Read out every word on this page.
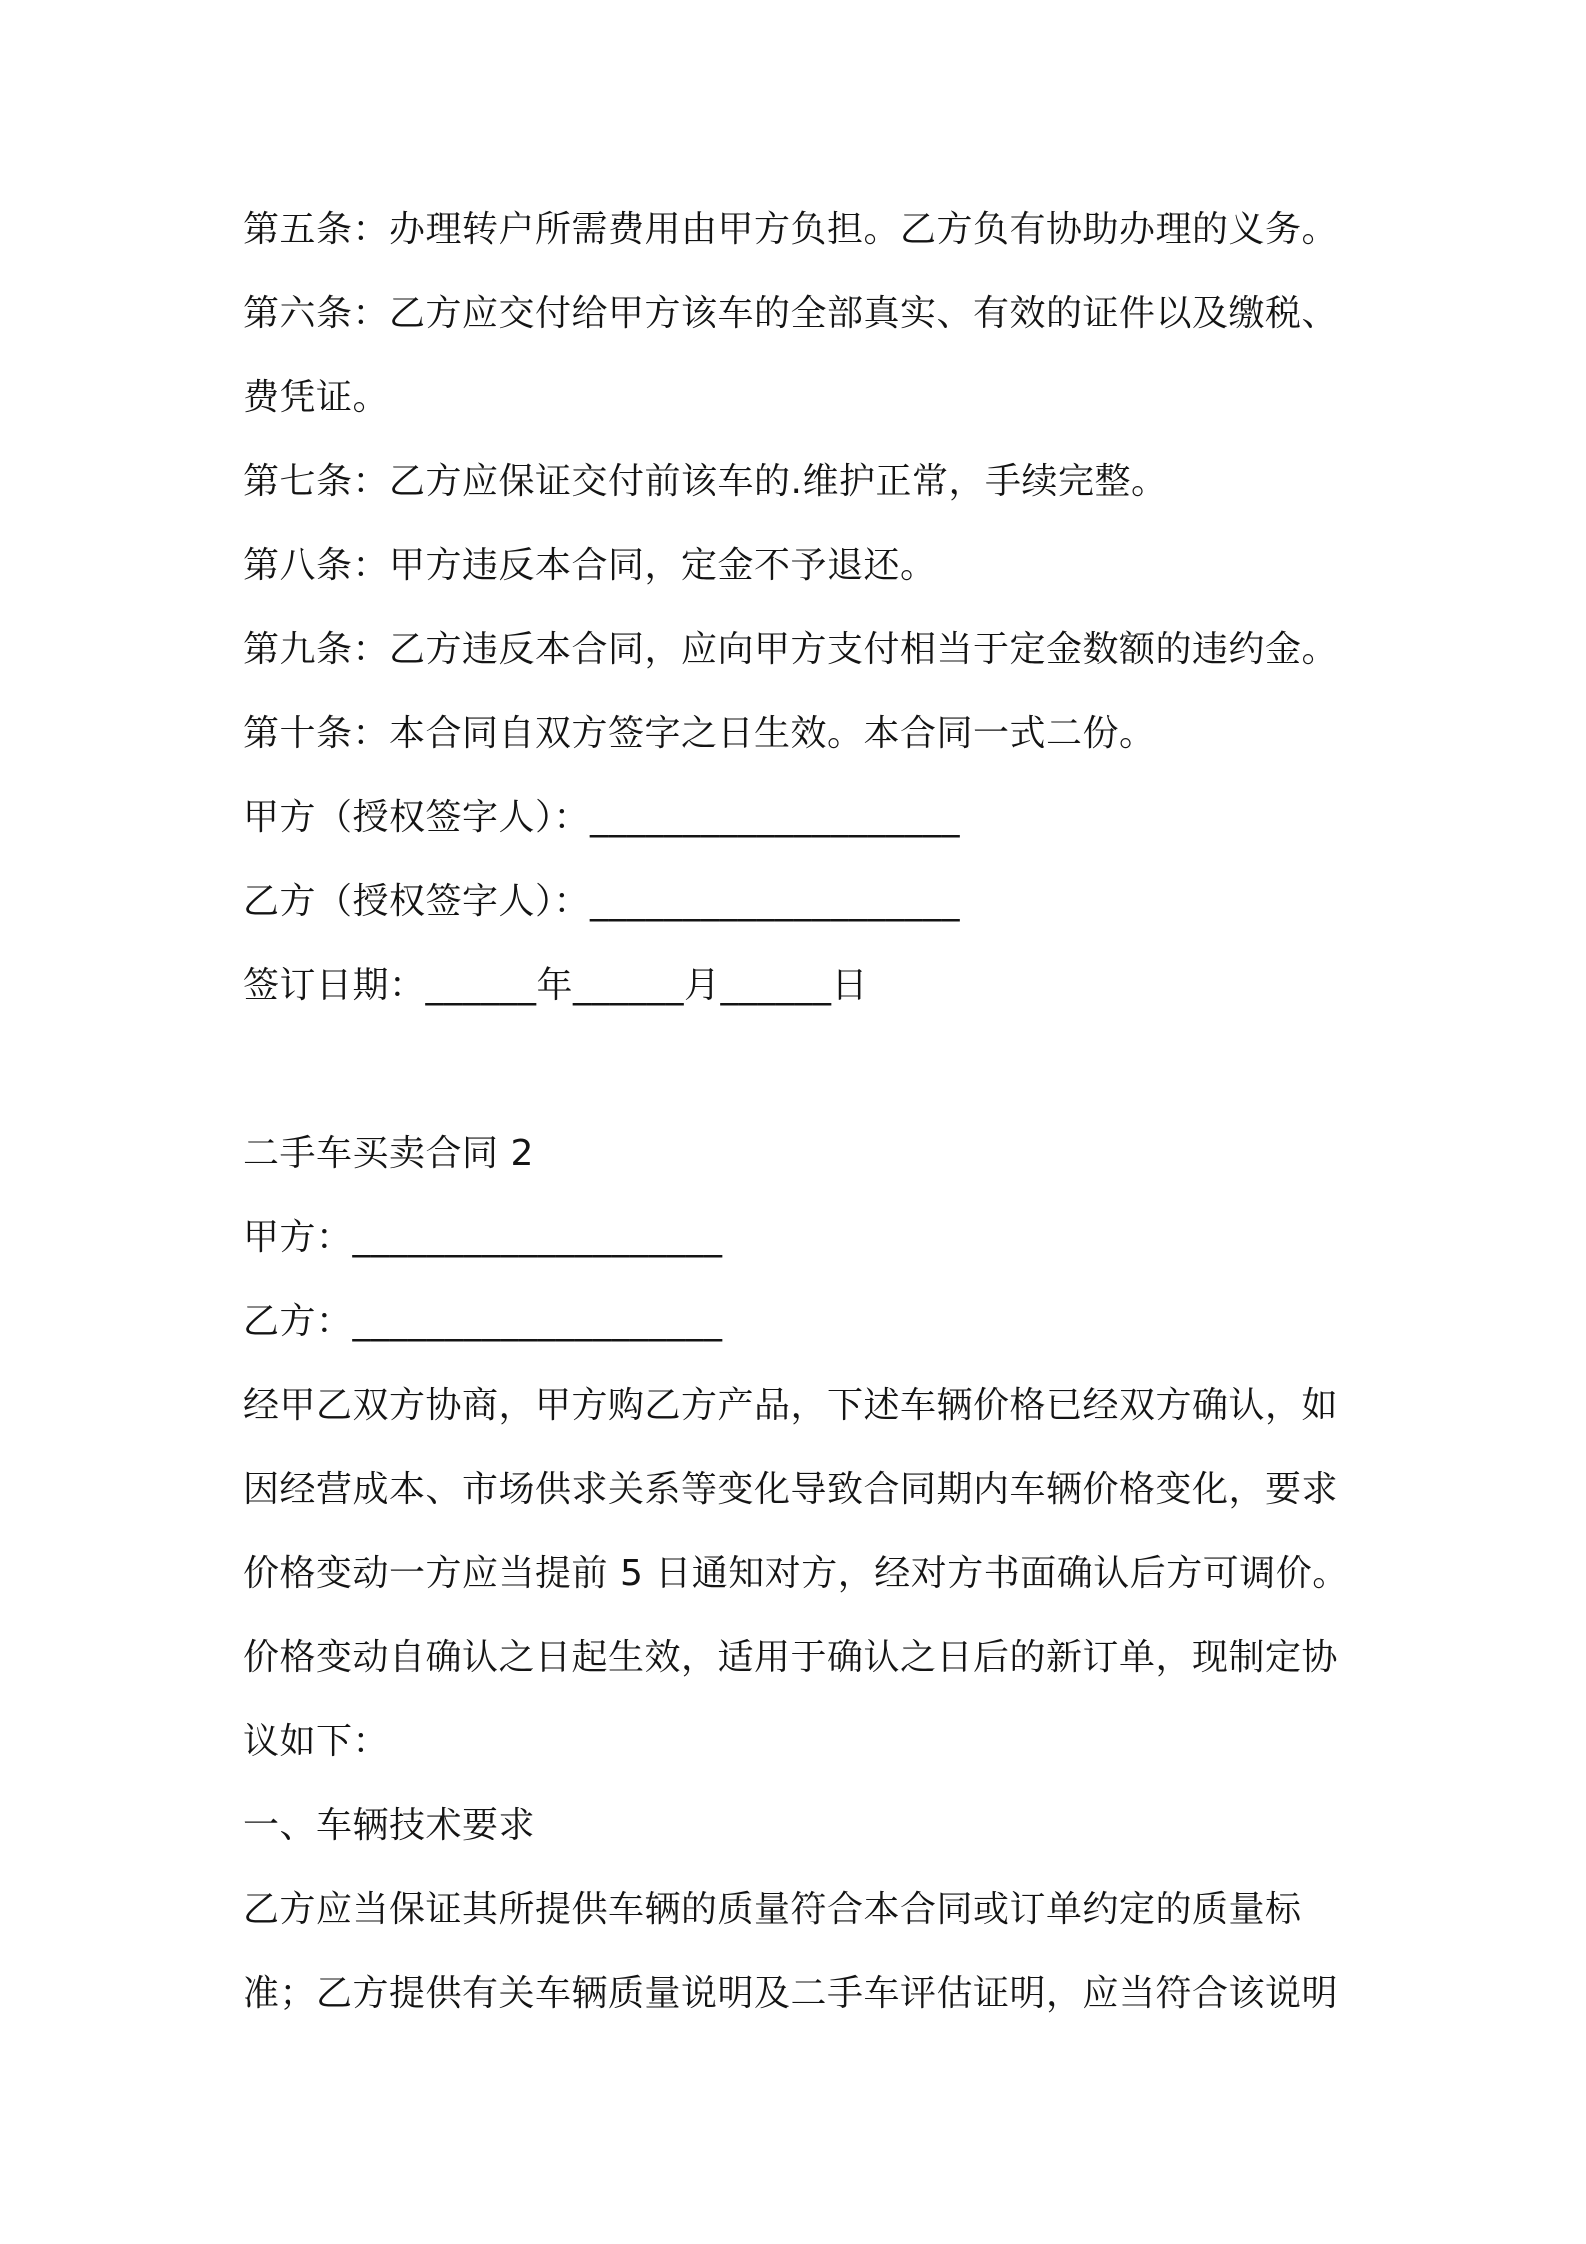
第五条：办理转户所需费用由甲方负担。乙方负有协助办理的义务。
第六条：乙方应交付给甲方该车的全部真实、有效的证件以及缴税、
费凭证。
第七条：乙方应保证交付前该车的.维护正常，手续完整。
第八条：甲方违反本合同，定金不予退还。
第九条：乙方违反本合同，应向甲方支付相当于定金数额的违约金。
第十条：本合同自双方签字之日生效。本合同一式二份。
甲方（授权签字人）：____________________
乙方（授权签字人）：____________________
签订日期：______年______月______日
二手车买卖合同 2
甲方：____________________
乙方：____________________
经甲乙双方协商，甲方购乙方产品，下述车辆价格已经双方确认，如
因经营成本、市场供求关系等变化导致合同期内车辆价格变化，要求
价格变动一方应当提前 5 日通知对方，经对方书面确认后方可调价。
价格变动自确认之日起生效，适用于确认之日后的新订单，现制定协
议如下：
一、车辆技术要求
乙方应当保证其所提供车辆的质量符合本合同或订单约定的质量标
准；乙方提供有关车辆质量说明及二手车评估证明，应当符合该说明
